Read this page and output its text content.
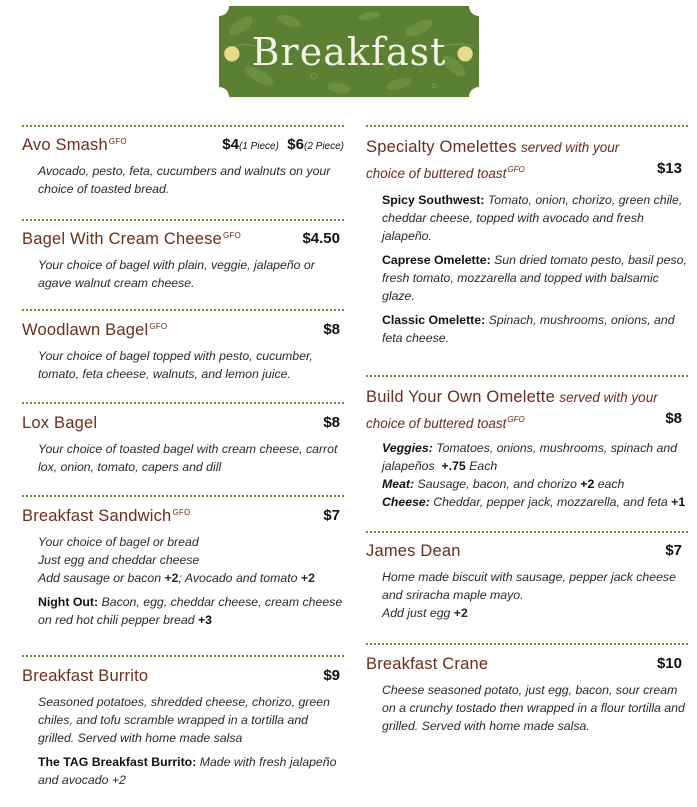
● Breakfast ●
Avo Smash$^{GFO}$	$4(1 Piece) $6(2 Piece)
Avocado, pesto, feta, cucumbers and walnuts on your choice of toasted bread.
Bagel With Cream Cheese$^{GFO}$	$4.50
Your choice of bagel with plain, veggie, jalapeño or agave walnut cream cheese.
Woodlawn Bagel$^{GFO}$	$8
Your choice of bagel topped with pesto, cucumber, tomato, feta cheese, walnuts, and lemon juice.
Lox Bagel	$8
Your choice of toasted bagel with cream cheese, carrot lox, onion, tomato, capers and dill
Breakfast Sandwich$^{GFO}$	$7
Your choice of bagel or bread
Just egg and cheddar cheese
Add sausage or bacon +2; Avocado and tomato +2
Night Out: Bacon, egg, cheddar cheese, cream cheese on red hot chili pepper bread +3
Breakfast Burrito	$9
Seasoned potatoes, shredded cheese, chorizo, green chiles, and tofu scramble wrapped in a tortilla and grilled. Served with home made salsa
The TAG Breakfast Burrito: Made with fresh jalapeño and avocado +2
Specialty Omelettes served with your choice of buttered toast$^{GFO}$	$13
Spicy Southwest: Tomato, onion, chorizo, green chile, cheddar cheese, topped with avocado and fresh jalapeño.
Caprese Omelette: Sun dried tomato pesto, basil peso, fresh tomato, mozzarella and topped with balsamic glaze.
Classic Omelette: Spinach, mushrooms, onions, and feta cheese.
Build Your Own Omelette served with your choice of buttered toast$^{GFO}$	$8
Veggies: Tomatoes, onions, mushrooms, spinach and jalapeños +.75 Each
Meat: Sausage, bacon, and chorizo +2 each
Cheese: Cheddar, pepper jack, mozzarella, and feta +1
James Dean	$7
Home made biscuit with sausage, pepper jack cheese and sriracha maple mayo.
Add just egg +2
Breakfast Crane	$10
Cheese seasoned potato, just egg, bacon, sour cream on a crunchy tostado then wrapped in a flour tortilla and grilled. Served with home made salsa.
